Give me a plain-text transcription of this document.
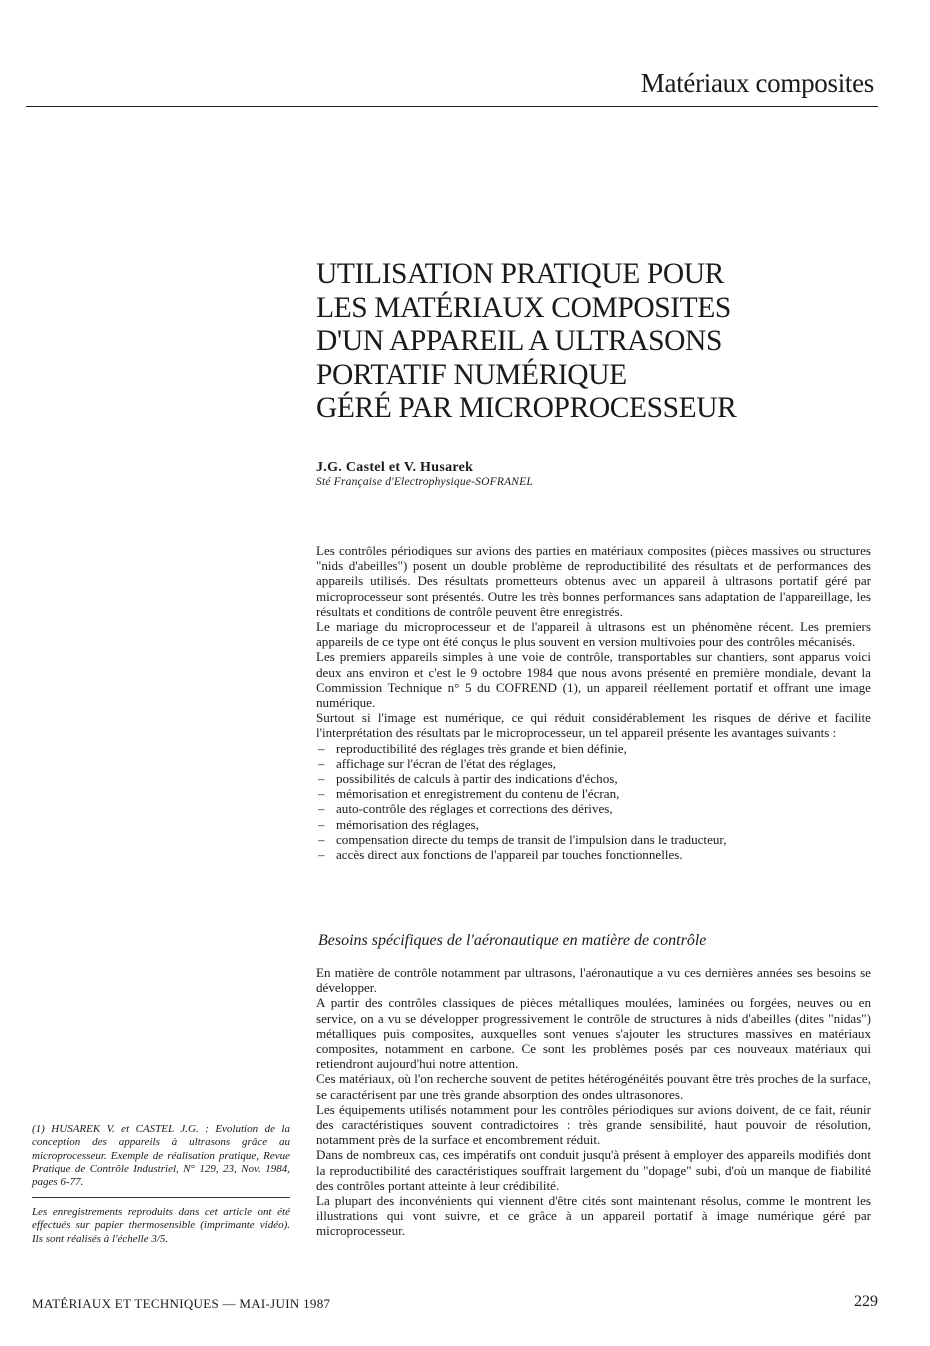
Matériaux composites
UTILISATION PRATIQUE POUR
LES MATÉRIAUX COMPOSITES
D'UN APPAREIL A ULTRASONS
PORTATIF NUMÉRIQUE
GÉRÉ PAR MICROPROCESSEUR
J.G. Castel et V. Husarek
Sté Française d'Electrophysique-SOFRANEL

Les contrôles périodiques sur avions des parties en matériaux composites (pièces massives ou structures "nids d'abeilles") posent un double problème de reproductibilité des résultats et de performances des appareils utilisés. Des résultats prometteurs obtenus avec un appareil à ultrasons portatif géré par microprocesseur sont présentés. Outre les très bonnes performances sans adaptation de l'appareillage, les résultats et conditions de contrôle peuvent être enregistrés.

Le mariage du microprocesseur et de l'appareil à ultrasons est un phénomène récent. Les premiers appareils de ce type ont été conçus le plus souvent en version multivoies pour des contrôles mécanisés.

Les premiers appareils simples à une voie de contrôle, transportables sur chantiers, sont apparus voici deux ans environ et c'est le 9 octobre 1984 que nous avons présenté en première mondiale, devant la Commission Technique n° 5 du COFREND (1), un appareil réellement portatif et offrant une image numérique.

Surtout si l'image est numérique, ce qui réduit considérablement les risques de dérive et facilite l'interprétation des résultats par le microprocesseur, un tel appareil présente les avantages suivants :

– reproductibilité des réglages très grande et bien définie,
– affichage sur l'écran de l'état des réglages,
– possibilités de calculs à partir des indications d'échos,
– mémorisation et enregistrement du contenu de l'écran,
– auto-contrôle des réglages et corrections des dérives,
– mémorisation des réglages,
– compensation directe du temps de transit de l'impulsion dans le traducteur,
– accès direct aux fonctions de l'appareil par touches fonctionnelles.
Besoins spécifiques de l'aéronautique en matière de contrôle

En matière de contrôle notamment par ultrasons, l'aéronautique a vu ces dernières années ses besoins se développer.

A partir des contrôles classiques de pièces métalliques moulées, laminées ou forgées, neuves ou en service, on a vu se développer progressivement le contrôle de structures à nids d'abeilles (dites "nidas") métalliques puis composites, auxquelles sont venues s'ajouter les structures massives en matériaux composites, notamment en carbone. Ce sont les problèmes posés par ces nouveaux matériaux qui retiendront aujourd'hui notre attention.

Ces matériaux, où l'on recherche souvent de petites hétérogénéités pouvant être très proches de la surface, se caractérisent par une très grande absorption des ondes ultrasonores.

Les équipements utilisés notamment pour les contrôles périodiques sur avions doivent, de ce fait, réunir des caractéristiques souvent contradictoires : très grande sensibilité, haut pouvoir de résolution, notamment près de la surface et encombrement réduit.

Dans de nombreux cas, ces impératifs ont conduit jusqu'à présent à employer des appareils modifiés dont la reproductibilité des caractéristiques souffrait largement du "dopage" subi, d'où un manque de fiabilité des contrôles portant atteinte à leur crédibilité.

La plupart des inconvénients qui viennent d'être cités sont maintenant résolus, comme le montrent les illustrations qui vont suivre, et ce grâce à un appareil portatif à image numérique géré par microprocesseur.

(1) HUSAREK V. et CASTEL J.G. : Evolution de la conception des appareils à ultrasons grâce au microprocesseur. Exemple de réalisation pratique, Revue Pratique de Contrôle Industriel, N° 129, 23, Nov. 1984, pages 6-77.
Les enregistrements reproduits dans cet article ont été effectués sur papier thermosensible (imprimante vidéo). Ils sont réalisés à l'échelle 3/5.
MATÉRIAUX ET TECHNIQUES — MAI-JUIN 1987	229
